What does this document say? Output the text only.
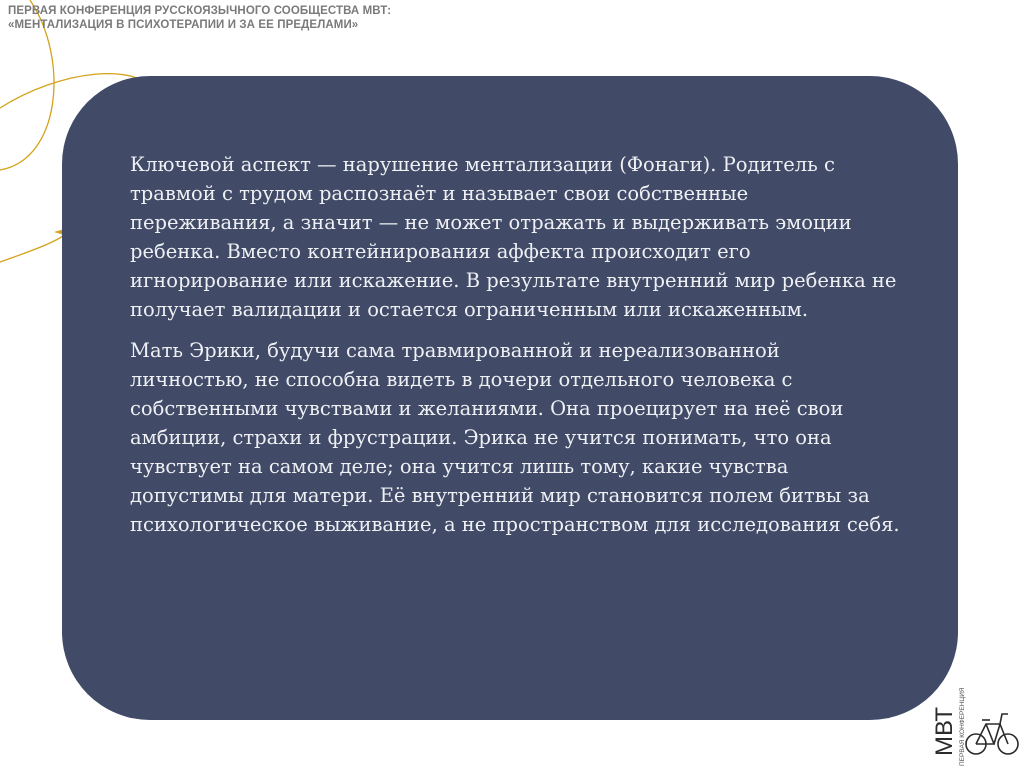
ПЕРВАЯ КОНФЕРЕНЦИЯ РУССКОЯЗЫЧНОГО СООБЩЕСТВА МВТ:
«МЕНТАЛИЗАЦИЯ В ПСИХОТЕРАПИИ И ЗА ЕЕ ПРЕДЕЛАМИ»

Ключевой аспект — нарушение ментализации (Фонаги). Родитель с травмой с трудом распознаёт и называет свои собственные переживания, а значит — не может отражать и выдерживать эмоции ребенка. Вместо контейнирования аффекта происходит его игнорирование или искажение. В результате внутренний мир ребенка не получает валидации и остается ограниченным или искаженным.

Мать Эрики, будучи сама травмированной и нереализованной личностью, не способна видеть в дочери отдельного человека с собственными чувствами и желаниями. Она проецирует на неё свои амбиции, страхи и фрустрации. Эрика не учится понимать, что она чувствует на самом деле; она учится лишь тому, какие чувства допустимы для матери. Её внутренний мир становится полем битвы за психологическое выживание, а не пространством для исследования себя.

МВТ ПЕРВАЯ КОНФЕРЕНЦИЯ
